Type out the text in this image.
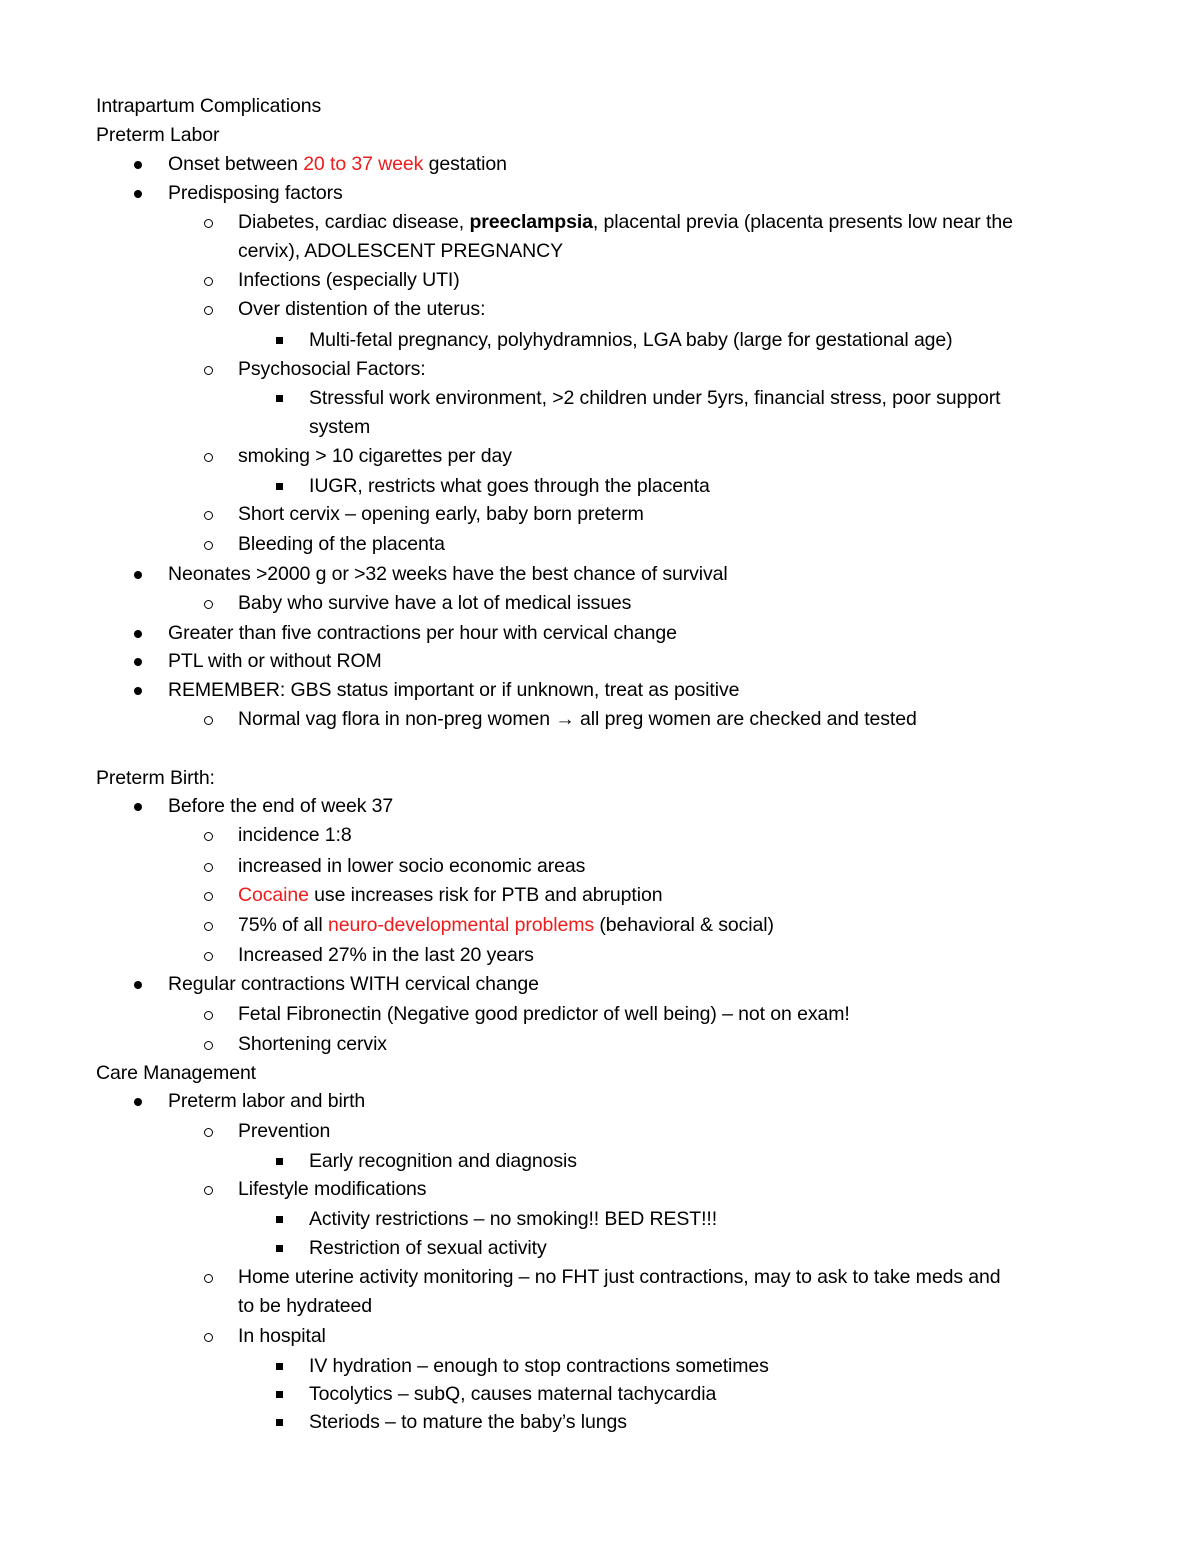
Intrapartum Complications
Preterm Labor
Onset between 20 to 37 week gestation
Predisposing factors
Diabetes, cardiac disease, preeclampsia, placental previa (placenta presents low near the
cervix), ADOLESCENT PREGNANCY
Infections (especially UTI)
Over distention of the uterus:
Multi-fetal pregnancy, polyhydramnios, LGA baby (large for gestational age)
Psychosocial Factors:
Stressful work environment, >2 children under 5yrs, financial stress, poor support
system
smoking > 10 cigarettes per day
IUGR, restricts what goes through the placenta
Short cervix – opening early, baby born preterm
Bleeding of the placenta
Neonates >2000 g or >32 weeks have the best chance of survival
Baby who survive have a lot of medical issues
Greater than five contractions per hour with cervical change
PTL with or without ROM
REMEMBER: GBS status important or if unknown, treat as positive
Normal vag flora in non-preg women → all preg women are checked and tested
Preterm Birth:
Before the end of week 37
incidence 1:8
increased in lower socio economic areas
Cocaine use increases risk for PTB and abruption
75% of all neuro-developmental problems (behavioral & social)
Increased 27% in the last 20 years
Regular contractions WITH cervical change
Fetal Fibronectin (Negative good predictor of well being) – not on exam!
Shortening cervix
Care Management
Preterm labor and birth
Prevention
Early recognition and diagnosis
Lifestyle modifications
Activity restrictions – no smoking!! BED REST!!!
Restriction of sexual activity
Home uterine activity monitoring – no FHT just contractions, may to ask to take meds and
to be hydrateed
In hospital
IV hydration – enough to stop contractions sometimes
Tocolytics – subQ, causes maternal tachycardia
Steriods – to mature the baby’s lungs
